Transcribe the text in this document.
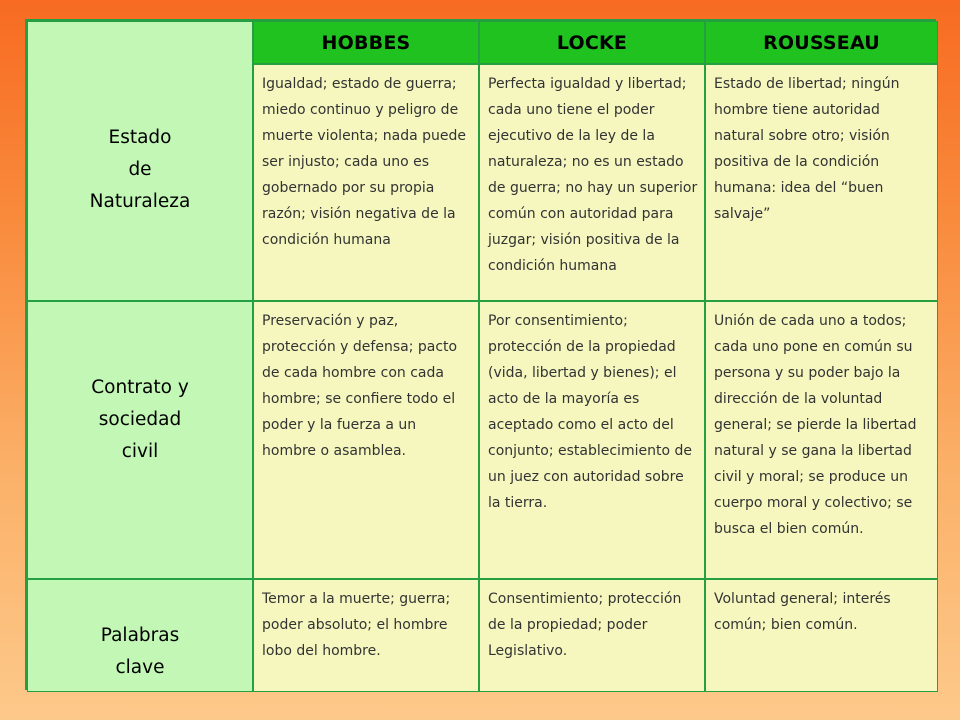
Estado
de
Naturaleza
HOBBES	LOCKE	ROUSSEAU
Igualdad; estado de guerra; miedo continuo y peligro de muerte violenta; nada puede ser injusto; cada uno es gobernado por su propia razón; visión negativa de la condición humana
Perfecta igualdad y libertad; cada uno tiene el poder ejecutivo de la ley de la naturaleza; no es un estado de guerra; no hay un superior común con autoridad para juzgar; visión positiva de la condición humana
Estado de libertad; ningún hombre tiene autoridad natural sobre otro; visión positiva de la condición humana: idea del “buen salvaje”
Contrato y
sociedad
civil
Preservación y paz, protección y defensa; pacto de cada hombre con cada hombre; se confiere todo el poder y la fuerza a un hombre o asamblea.
Por consentimiento; protección de la propiedad (vida, libertad y bienes); el acto de la mayoría es aceptado como el acto del conjunto; establecimiento de un juez con autoridad sobre la tierra.
Unión de cada uno a todos; cada uno pone en común su persona y su poder bajo la dirección de la voluntad general; se pierde la libertad natural y se gana la libertad civil y moral; se produce un cuerpo moral y colectivo; se busca el bien común.
Palabras
clave
Temor a la muerte; guerra; poder absoluto; el hombre lobo del hombre.
Consentimiento; protección de la propiedad; poder Legislativo.
Voluntad general; interés común; bien común.
